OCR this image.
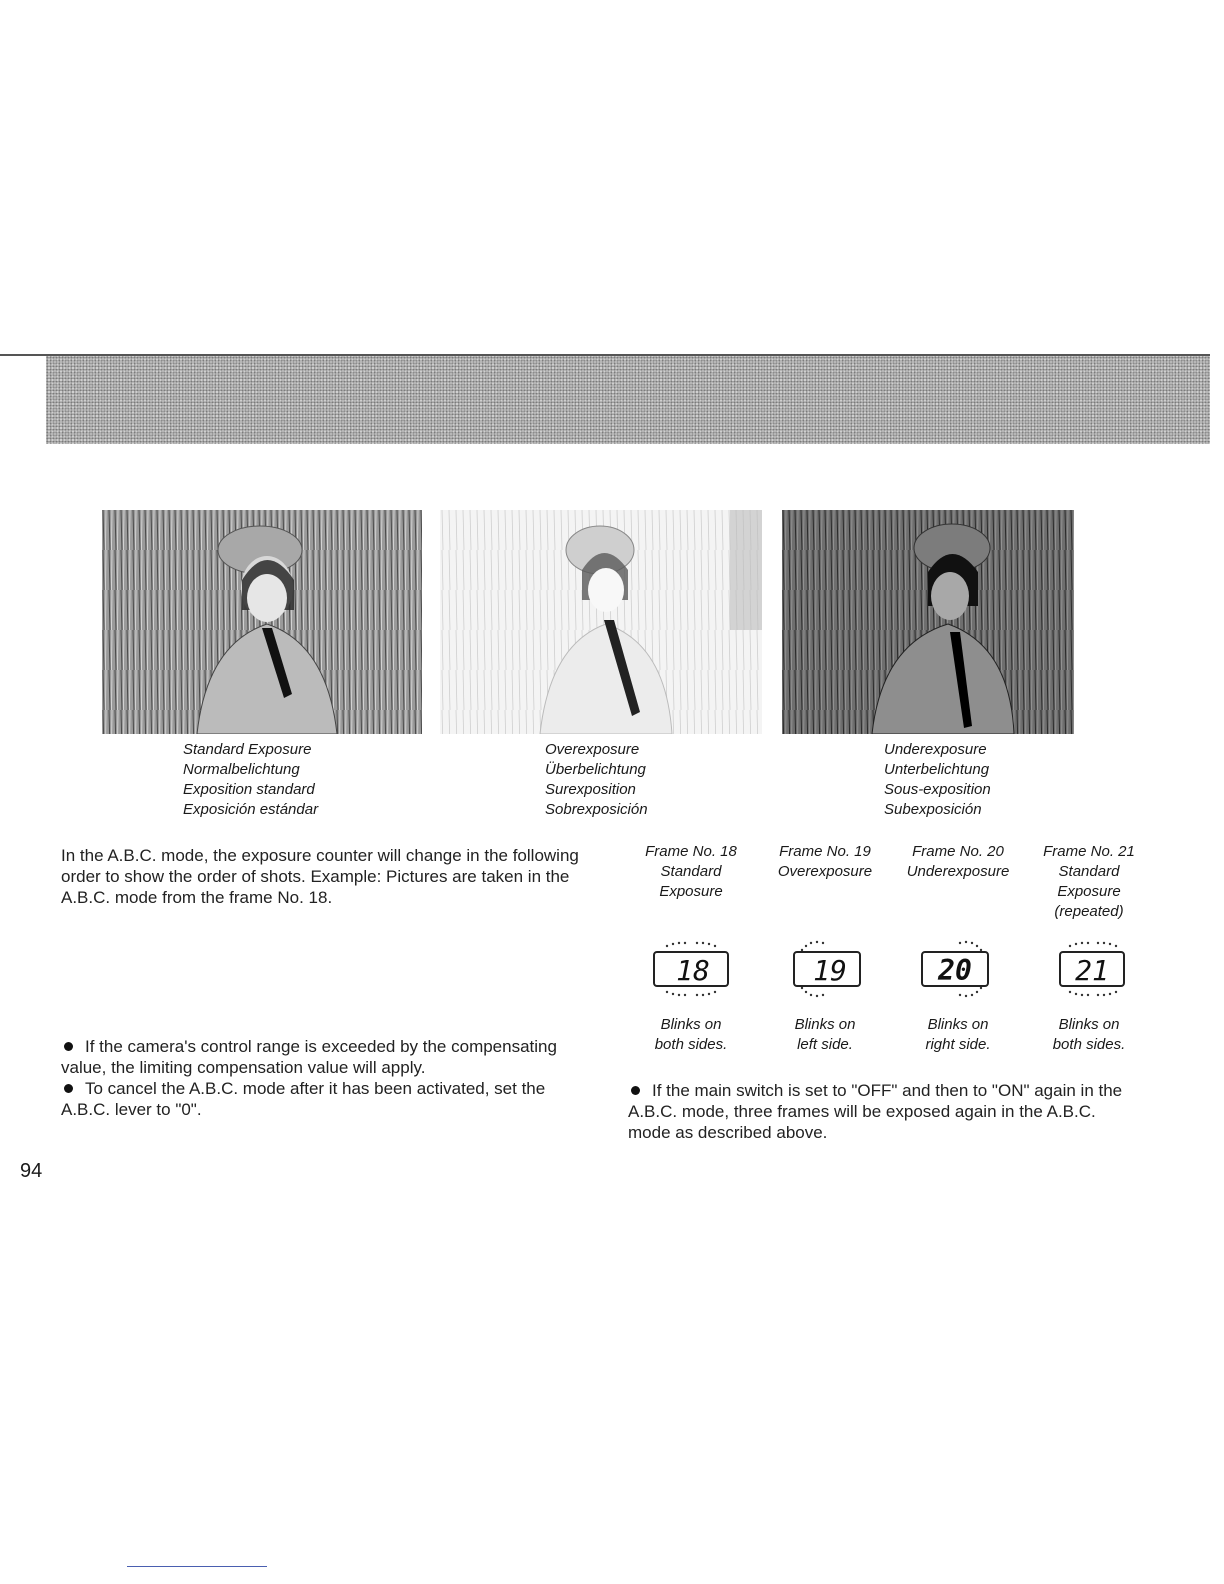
Standard Exposure
Normalbelichtung
Exposition standard
Exposición estándar
Overexposure
Überbelichtung
Surexposition
Sobrexposición
Underexposure
Unterbelichtung
Sous-exposition
Subexposición

In the A.B.C. mode, the exposure counter will change in the following order to show the order of shots. Example: Pictures are taken in the A.B.C. mode from the frame No. 18.

Frame No. 18
Standard
Exposure
Frame No. 19
Overexposure
Frame No. 20
Underexposure
Frame No. 21
Standard
Exposure
(repeated)
18	19	20	21
Blinks on
both sides.
Blinks on
left side.
Blinks on
right side.
Blinks on
both sides.

If the camera's control range is exceeded by the compensating value, the limiting compensation value will apply.

To cancel the A.B.C. mode after it has been activated, set the A.B.C. lever to "0".

If the main switch is set to "OFF" and then to "ON" again in the A.B.C. mode, three frames will be exposed again in the A.B.C. mode as described above.

94
